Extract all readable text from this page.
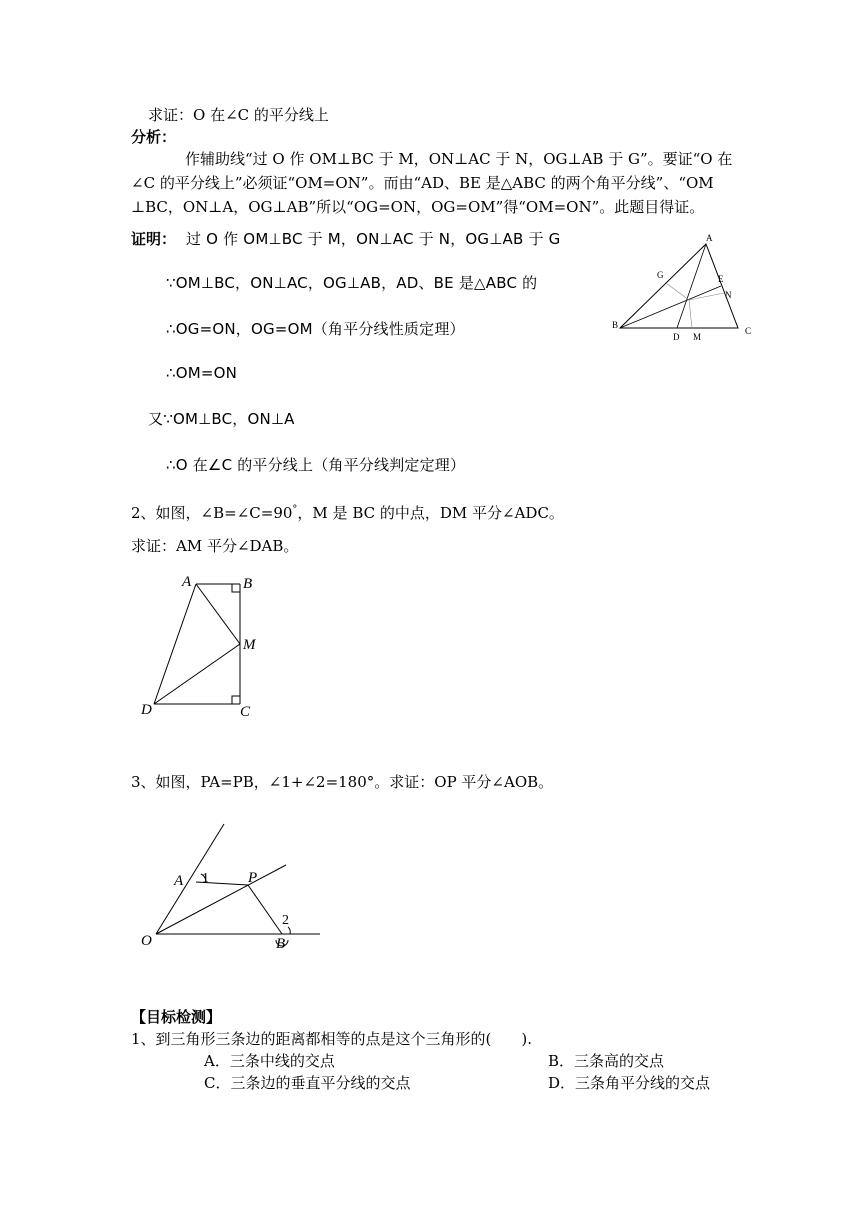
求证：O 在∠C 的平分线上
分析：
作辅助线“过 O 作 OM⊥BC 于 M，ON⊥AC 于 N，OG⊥AB 于 G”。要证“O 在
∠C 的平分线上”必须证“OM=ON”。而由“AD、BE 是△ABC 的两个角平分线”、“OM
⊥BC，ON⊥A，OG⊥AB”所以“OG=ON，OG=OM”得“OM=ON”。此题目得证。
证明： 过 O 作 OM⊥BC 于 M，ON⊥AC 于 N，OG⊥AB 于 G
∵OM⊥BC，ON⊥AC，OG⊥AB，AD、BE 是△ABC 的
∴OG=ON，OG=OM（角平分线性质定理）
∴OM=ON
又∵OM⊥BC，ON⊥A
∴O 在∠C 的平分线上（角平分线判定定理）
A
G	E
N
B
D M
C
2、如图，∠B=∠C=90°，M 是 BC 的中点，DM 平分∠ADC。
求证：AM 平分∠DAB。
A	B
M
D	C
3、如图，PA=PB，∠1+∠2=180°。求证：OP 平分∠AOB。
A	P
O	B
1
2
【目标检测】
1、到三角形三条边的距离都相等的点是这个三角形的(　　).
A．三条中线的交点	B．三条高的交点
C．三条边的垂直平分线的交点	D．三条角平分线的交点
